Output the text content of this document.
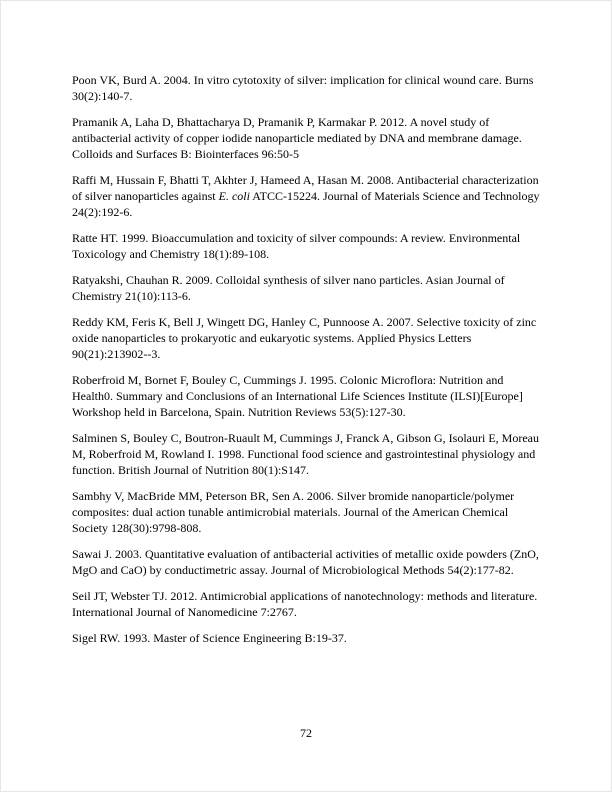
Poon VK, Burd A. 2004. In vitro cytotoxity of silver: implication for clinical wound care. Burns 30(2):140-7.

Pramanik A, Laha D, Bhattacharya D, Pramanik P, Karmakar P. 2012. A novel study of antibacterial activity of copper iodide nanoparticle mediated by DNA and membrane damage. Colloids and Surfaces B: Biointerfaces 96:50-5

Raffi M, Hussain F, Bhatti T, Akhter J, Hameed A, Hasan M. 2008. Antibacterial characterization of silver nanoparticles against E. coli ATCC-15224. Journal of Materials Science and Technology 24(2):192-6.

Ratte HT. 1999. Bioaccumulation and toxicity of silver compounds: A review. Environmental Toxicology and Chemistry 18(1):89-108.

Ratyakshi, Chauhan R. 2009. Colloidal synthesis of silver nano particles. Asian Journal of Chemistry 21(10):113-6.

Reddy KM, Feris K, Bell J, Wingett DG, Hanley C, Punnoose A. 2007. Selective toxicity of zinc oxide nanoparticles to prokaryotic and eukaryotic systems. Applied Physics Letters 90(21):213902--3.

Roberfroid M, Bornet F, Bouley C, Cummings J. 1995. Colonic Microflora: Nutrition and Health0. Summary and Conclusions of an International Life Sciences Institute (ILSI)[Europe] Workshop held in Barcelona, Spain. Nutrition Reviews 53(5):127-30.

Salminen S, Bouley C, Boutron-Ruault M, Cummings J, Franck A, Gibson G, Isolauri E, Moreau M, Roberfroid M, Rowland I. 1998. Functional food science and gastrointestinal physiology and function. British Journal of Nutrition 80(1):S147.

Sambhy V, MacBride MM, Peterson BR, Sen A. 2006. Silver bromide nanoparticle/polymer composites: dual action tunable antimicrobial materials. Journal of the American Chemical Society 128(30):9798-808.

Sawai J. 2003. Quantitative evaluation of antibacterial activities of metallic oxide powders (ZnO, MgO and CaO) by conductimetric assay. Journal of Microbiological Methods 54(2):177-82.

Seil JT, Webster TJ. 2012. Antimicrobial applications of nanotechnology: methods and literature. International Journal of Nanomedicine 7:2767.

Sigel RW. 1993. Master of Science Engineering B:19-37.

72
